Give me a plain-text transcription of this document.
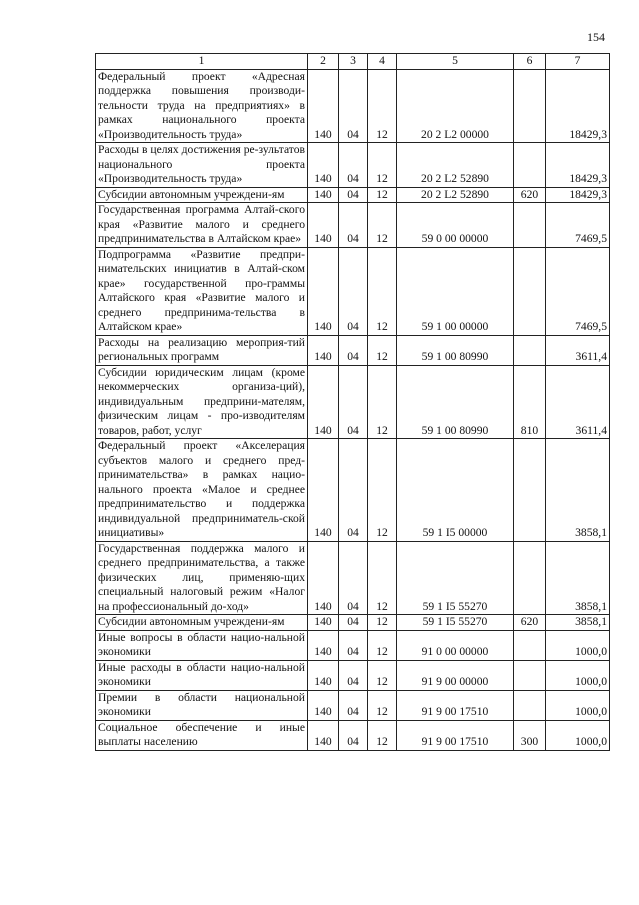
154
1	2	3	4	5	6	7
Федеральный проект «Адресная поддержка повышения производи-тельности труда на предприятиях» в рамках национального проекта «Производительность труда»	140	04	12	20 2 L2 00000		18429,3
Расходы в целях достижения ре-зультатов национального проекта «Производительность труда»	140	04	12	20 2 L2 52890		18429,3
Субсидии автономным учреждени-ям	140	04	12	20 2 L2 52890	620	18429,3
Государственная программа Алтай-ского края «Развитие малого и среднего предпринимательства в Алтайском крае»	140	04	12	59 0 00 00000		7469,5
Подпрограмма «Развитие предпри-нимательских инициатив в Алтай-ском крае» государственной про-граммы Алтайского края «Развитие малого и среднего предпринима-тельства в Алтайском крае»	140	04	12	59 1 00 00000		7469,5
Расходы на реализацию мероприя-тий региональных программ	140	04	12	59 1 00 80990		3611,4
Субсидии юридическим лицам (кроме некоммерческих организа-ций), индивидуальным предприни-мателям, физическим лицам - про-изводителям товаров, работ, услуг	140	04	12	59 1 00 80990	810	3611,4
Федеральный проект «Акселерация субъектов малого и среднего пред-принимательства» в рамках нацио-нального проекта «Малое и среднее предпринимательство и поддержка индивидуальной предприниматель-ской инициативы»	140	04	12	59 1 I5 00000		3858,1
Государственная поддержка малого и среднего предпринимательства, а также физических лиц, применяю-щих специальный налоговый режим «Налог на профессиональный до-ход»	140	04	12	59 1 I5 55270		3858,1
Субсидии автономным учреждени-ям	140	04	12	59 1 I5 55270	620	3858,1
Иные вопросы в области нацио-нальной экономики	140	04	12	91 0 00 00000		1000,0
Иные расходы в области нацио-нальной экономики	140	04	12	91 9 00 00000		1000,0
Премии в области национальной экономики	140	04	12	91 9 00 17510		1000,0
Социальное обеспечение и иные выплаты населению	140	04	12	91 9 00 17510	300	1000,0
